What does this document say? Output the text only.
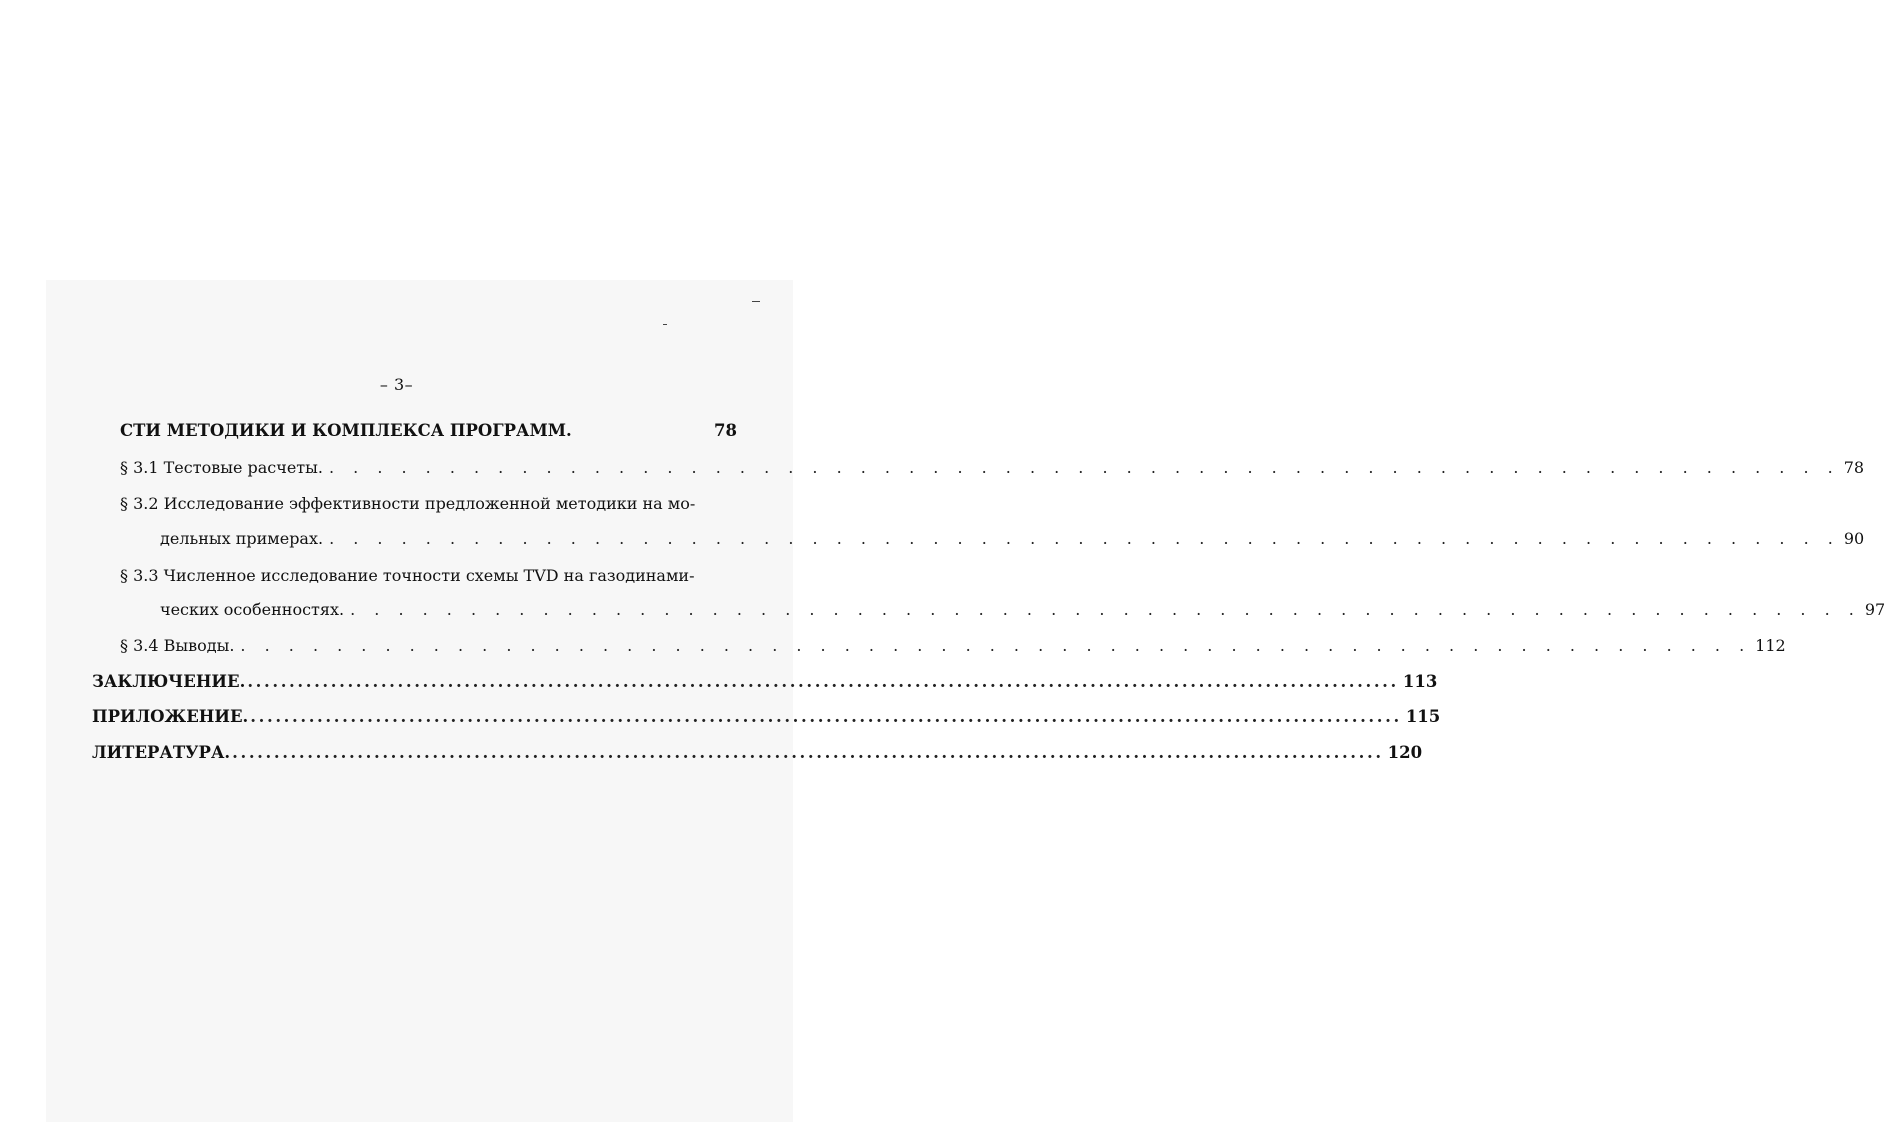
– 3–
СТИ МЕТОДИКИ И КОМПЛЕКСА ПРОГРАММ.	78
§ 3.1 Тестовые расчеты. . . . . . . . . . . . . . . . . . . . . . . . . . . . . . . . . . . . . . . . . . . . . . . . . . . . . . . . . . . . . . . . 78
§ 3.2 Исследование эффективности предложенной методики на мо-
дельных примерах. . . . . . . . . . . . . . . . . . . . . . . . . . . . . . . . . . . . . . . . . . . . . . . . . . . . . . . . . . . . . . . . 90
§ 3.3 Численное исследование точности схемы TVD на газодинами-
ческих особенностях. . . . . . . . . . . . . . . . . . . . . . . . . . . . . . . . . . . . . . . . . . . . . . . . . . . . . . . . . . . . . . . . 97
§ 3.4 Выводы. . . . . . . . . . . . . . . . . . . . . . . . . . . . . . . . . . . . . . . . . . . . . . . . . . . . . . . . . . . . . . . . 112
ЗАКЛЮЧЕНИЕ. .......................................................................................................................................... 113
ПРИЛОЖЕНИЕ. .......................................................................................................................................... 115
ЛИТЕРАТУРА. .......................................................................................................................................... 120
